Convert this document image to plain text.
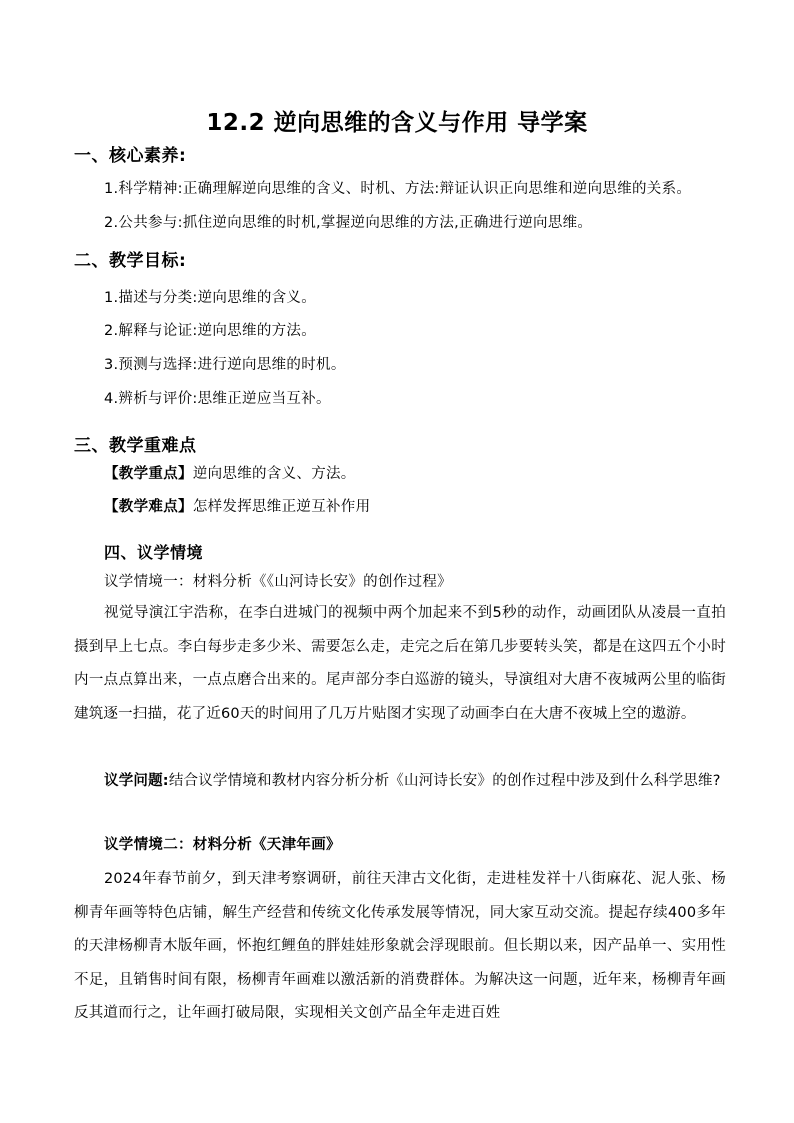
12.2 逆向思维的含义与作用 导学案
一、核心素养:
1.科学精神:正确理解逆向思维的含义、时机、方法:辩证认识正向思维和逆向思维的关系。
2.公共参与:抓住逆向思维的时机,掌握逆向思维的方法,正确进行逆向思维。
二、教学目标:
1.描述与分类:逆向思维的含义。
2.解释与论证:逆向思维的方法。
3.预测与选择:进行逆向思维的时机。
4.辨析与评价:思维正逆应当互补。
三、教学重难点
【教学重点】逆向思维的含义、方法。
【教学难点】怎样发挥思维正逆互补作用
四、议学情境
议学情境一：材料分析《《山河诗长安》的创作过程》
视觉导演江宇浩称，在李白进城门的视频中两个加起来不到5秒的动作，动画团队从凌晨一直拍摄到早上七点。李白每步走多少米、需要怎么走，走完之后在第几步要转头笑，都是在这四五个小时内一点点算出来，一点点磨合出来的。尾声部分李白巡游的镜头，导演组对大唐不夜城两公里的临街建筑逐一扫描，花了近60天的时间用了几万片贴图才实现了动画李白在大唐不夜城上空的遨游。
议学问题:结合议学情境和教材内容分析分析《山河诗长安》的创作过程中涉及到什么科学思维?
议学情境二：材料分析《天津年画》
2024年春节前夕，到天津考察调研，前往天津古文化街，走进桂发祥十八街麻花、泥人张、杨柳青年画等特色店铺，解生产经营和传统文化传承发展等情况，同大家互动交流。提起存续400多年的天津杨柳青木版年画，怀抱红鲤鱼的胖娃娃形象就会浮现眼前。但长期以来，因产品单一、实用性不足，且销售时间有限，杨柳青年画难以激活新的消费群体。为解决这一问题，近年来，杨柳青年画反其道而行之，让年画打破局限，实现相关文创产品全年走进百姓
